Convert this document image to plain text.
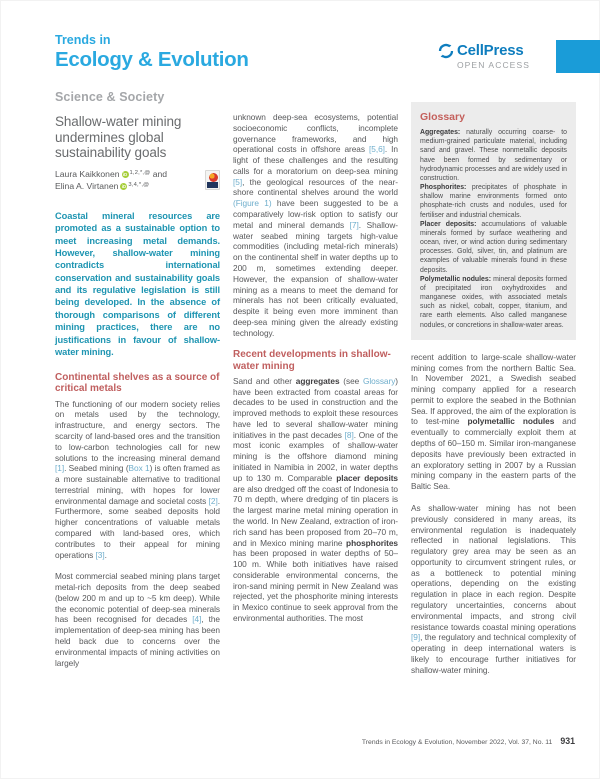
Trends in
Ecology & Evolution	CellPress
OPEN ACCESS
Science & Society
Shallow-water mining undermines global sustainability goals
Laura Kaikkonen iD $^{1,2,*,@}$ and
Elina A. Virtanen iD $^{3,4,*,@}$
Coastal mineral resources are promoted as a sustainable option to meet increasing metal demands. However, shallow-water mining contradicts international conservation and sustainability goals and its regulative legislation is still being developed. In the absence of thorough comparisons of different mining practices, there are no justifications in favour of shallow-water mining.
Continental shelves as a source of critical metals

The functioning of our modern society relies on metals used by the technology, infrastructure, and energy sectors. The scarcity of land-based ores and the transition to low-carbon technologies call for new solutions to the increasing mineral demand [1]. Seabed mining (Box 1) is often framed as a more sustainable alternative to traditional terrestrial mining, with hopes for lower environmental damage and societal costs [2]. Furthermore, some seabed deposits hold higher concentrations of valuable metals compared with land-based ores, which contributes to their appeal for mining operations [3].

Most commercial seabed mining plans target metal-rich deposits from the deep seabed (below 200 m and up to ~5 km deep). While the economic potential of deep-sea minerals has been recognised for decades [4], the implementation of deep-sea mining has been held back due to concerns over the environmental impacts of mining activities on largely

unknown deep-sea ecosystems, potential socioeconomic conflicts, incomplete governance frameworks, and high operational costs in offshore areas [5,6]. In light of these challenges and the resulting calls for a moratorium on deep-sea mining [5], the geological resources of the near-shore continental shelves around the world (Figure 1) have been suggested to be a comparatively low-risk option to satisfy our metal and mineral demands [7]. Shallow-water seabed mining targets high-value commodities (including metal-rich minerals) on the continental shelf in water depths up to 200 m, sometimes extending deeper. However, the expansion of shallow-water mining as a means to meet the demand for minerals has not been critically evaluated, despite it being even more imminent than deep-sea mining given the already existing technology.

Recent developments in shallow-water mining

Sand and other aggregates (see Glossary) have been extracted from coastal areas for decades to be used in construction and the improved methods to exploit these resources have led to several shallow-water mining initiatives in the past decades [8]. One of the most iconic examples of shallow-water mining is the offshore diamond mining initiated in Namibia in 2002, in water depths up to 130 m. Comparable placer deposits are also dredged off the coast of Indonesia to 70 m depth, where dredging of tin placers is the largest marine metal mining operation in the world. In New Zealand, extraction of iron-rich sand has been proposed from 20–70 m, and in Mexico mining marine phosphorites has been proposed in water depths of 50–100 m. While both initiatives have raised considerable environmental concerns, the iron-sand mining permit in New Zealand was rejected, yet the phosphorite mining interests in Mexico continue to seek approval from the environmental authorities. The most

Glossary
Aggregates: naturally occurring coarse- to medium-grained particulate material, including sand and gravel. These nonmetallic deposits have been formed by sedimentary or hydrodynamic processes and are widely used in construction.
Phosphorites: precipitates of phosphate in shallow marine environments formed onto phosphate-rich crusts and nodules, used for fertiliser and industrial chemicals.
Placer deposits: accumulations of valuable minerals formed by surface weathering and ocean, river, or wind action during sedimentary processes. Gold, silver, tin, and platinum are examples of valuable minerals found in these deposits.
Polymetallic nodules: mineral deposits formed of precipitated iron oxyhydroxides and manganese oxides, with associated metals such as nickel, cobalt, copper, titanium, and rare earth elements. Also called manganese nodules, or concretions in shallow-water areas.

recent addition to large-scale shallow-water mining comes from the northern Baltic Sea. In November 2021, a Swedish seabed mining company applied for a research permit to explore the seabed in the Bothnian Sea. If approved, the aim of the exploration is to test-mine polymetallic nodules and eventually to commercially exploit them at depths of 60–150 m. Similar iron-manganese deposits have previously been extracted in an exploratory setting in 2007 by a Russian mining company in the eastern parts of the Baltic Sea.

As shallow-water mining has not been previously considered in many areas, its environmental regulation is inadequately reflected in national legislations. This regulatory grey area may be seen as an opportunity to circumvent stringent rules, or as a bottleneck to potential mining operations, depending on the existing regulation in place in each region. Despite regulatory uncertainties, concerns about environmental impacts, and strong civil resistance towards coastal mining operations [9], the regulatory and technical complexity of operating in deep international waters is likely to encourage further initiatives for shallow-water mining.

Trends in Ecology & Evolution, November 2022, Vol. 37, No. 11 931
